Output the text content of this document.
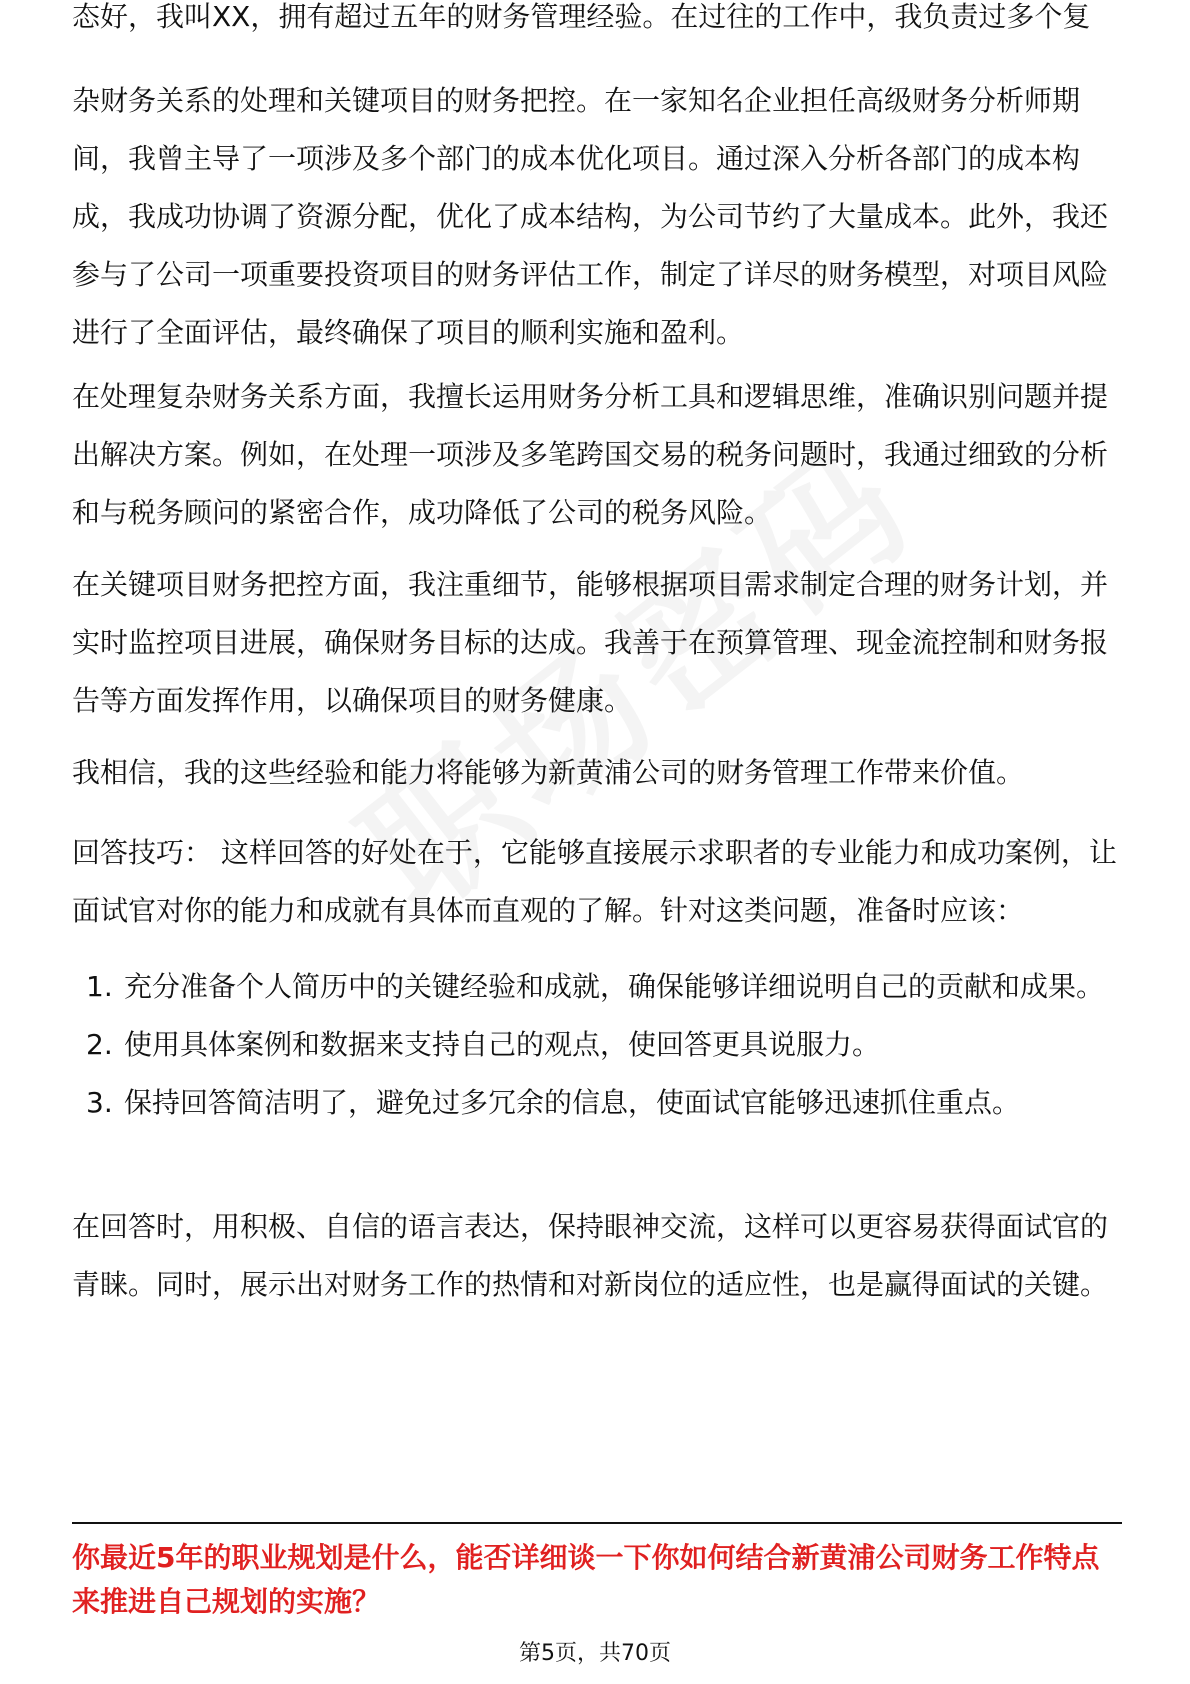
态好，我叫XX，拥有超过五年的财务管理经验。在过往的工作中，我负责过多个复

杂财务关系的处理和关键项目的财务把控。在一家知名企业担任高级财务分析师期间，我曾主导了一项涉及多个部门的成本优化项目。通过深入分析各部门的成本构成，我成功协调了资源分配，优化了成本结构，为公司节约了大量成本。此外，我还参与了公司一项重要投资项目的财务评估工作，制定了详尽的财务模型，对项目风险进行了全面评估，最终确保了项目的顺利实施和盈利。

在处理复杂财务关系方面，我擅长运用财务分析工具和逻辑思维，准确识别问题并提出解决方案。例如，在处理一项涉及多笔跨国交易的税务问题时，我通过细致的分析和与税务顾问的紧密合作，成功降低了公司的税务风险。

在关键项目财务把控方面，我注重细节，能够根据项目需求制定合理的财务计划，并实时监控项目进展，确保财务目标的达成。我善于在预算管理、现金流控制和财务报告等方面发挥作用，以确保项目的财务健康。

我相信，我的这些经验和能力将能够为新黄浦公司的财务管理工作带来价值。

回答技巧： 这样回答的好处在于，它能够直接展示求职者的专业能力和成功案例，让面试官对你的能力和成就有具体而直观的了解。针对这类问题，准备时应该：

1. 充分准备个人简历中的关键经验和成就，确保能够详细说明自己的贡献和成果。
2. 使用具体案例和数据来支持自己的观点，使回答更具说服力。
3. 保持回答简洁明了，避免过多冗余的信息，使面试官能够迅速抓住重点。

在回答时，用积极、自信的语言表达，保持眼神交流，这样可以更容易获得面试官的青睐。同时，展示出对财务工作的热情和对新岗位的适应性，也是赢得面试的关键。

你最近5年的职业规划是什么，能否详细谈一下你如何结合新黄浦公司财务工作特点来推进自己规划的实施？

第5页，共70页
